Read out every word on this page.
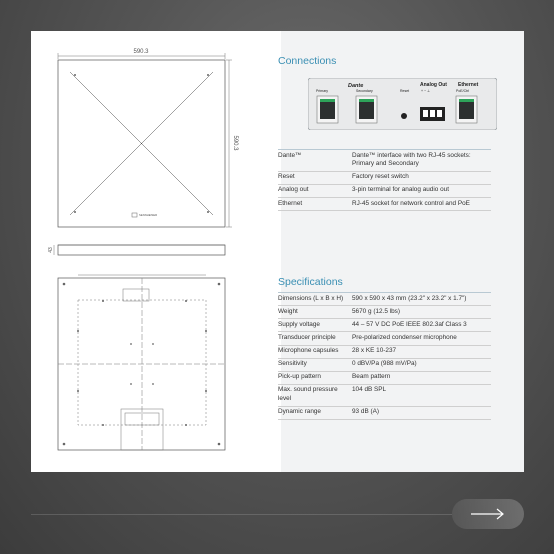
590.3
590.3
43
SENNHEISER
Connections
Dante	Analog Out Ethernet
Primary	Secondary	Reset	+ − ⊥	PoE/Ctrl
Dante™	Dante™ interface with two RJ-45 sockets: Primary and Secondary
Reset	Factory reset switch
Analog out	3-pin terminal for analog audio out
Ethernet	RJ-45 socket for network control and PoE
Specifications
Dimensions (L x B x H)	590 x 590 x 43 mm (23.2" x 23.2" x 1.7")
Weight	5670 g (12.5 lbs)
Supply voltage	44 – 57 V DC PoE IEEE 802.3af Class 3
Transducer principle	Pre-polarized condenser microphone
Microphone capsules	28 x KE 10-237
Sensitivity	0 dBV/Pa (988 mV/Pa)
Pick-up pattern	Beam pattern
Max. sound pressure level	104 dB SPL
Dynamic range	93 dB (A)
